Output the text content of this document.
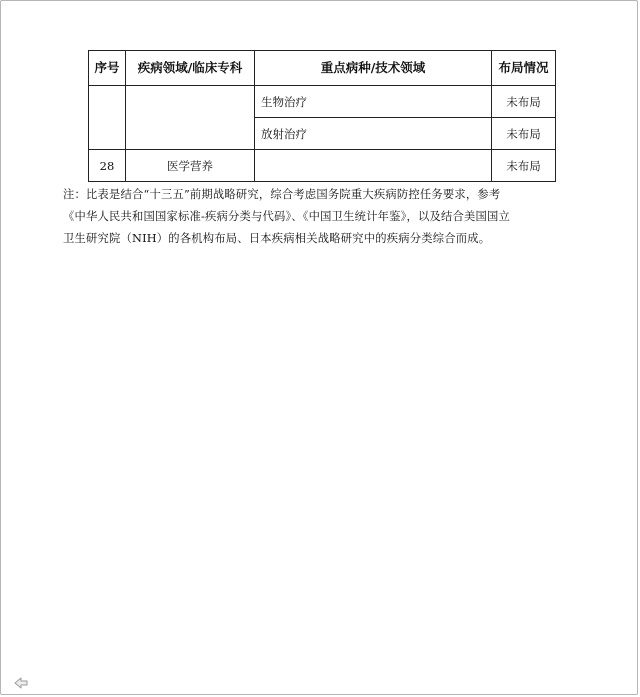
序号	疾病领域/临床专科	重点病种/技术领域	布局情况
		生物治疗	未布局
		放射治疗	未布局
28	医学营养		未布局

注：比表是结合“十三五”前期战略研究，综合考虑国务院重大疾病防控任务要求，参考

《中华人民共和国国家标准-疾病分类与代码》、《中国卫生统计年鉴》，以及结合美国国立

卫生研究院（NIH）的各机构布局、日本疾病相关战略研究中的疾病分类综合而成。
